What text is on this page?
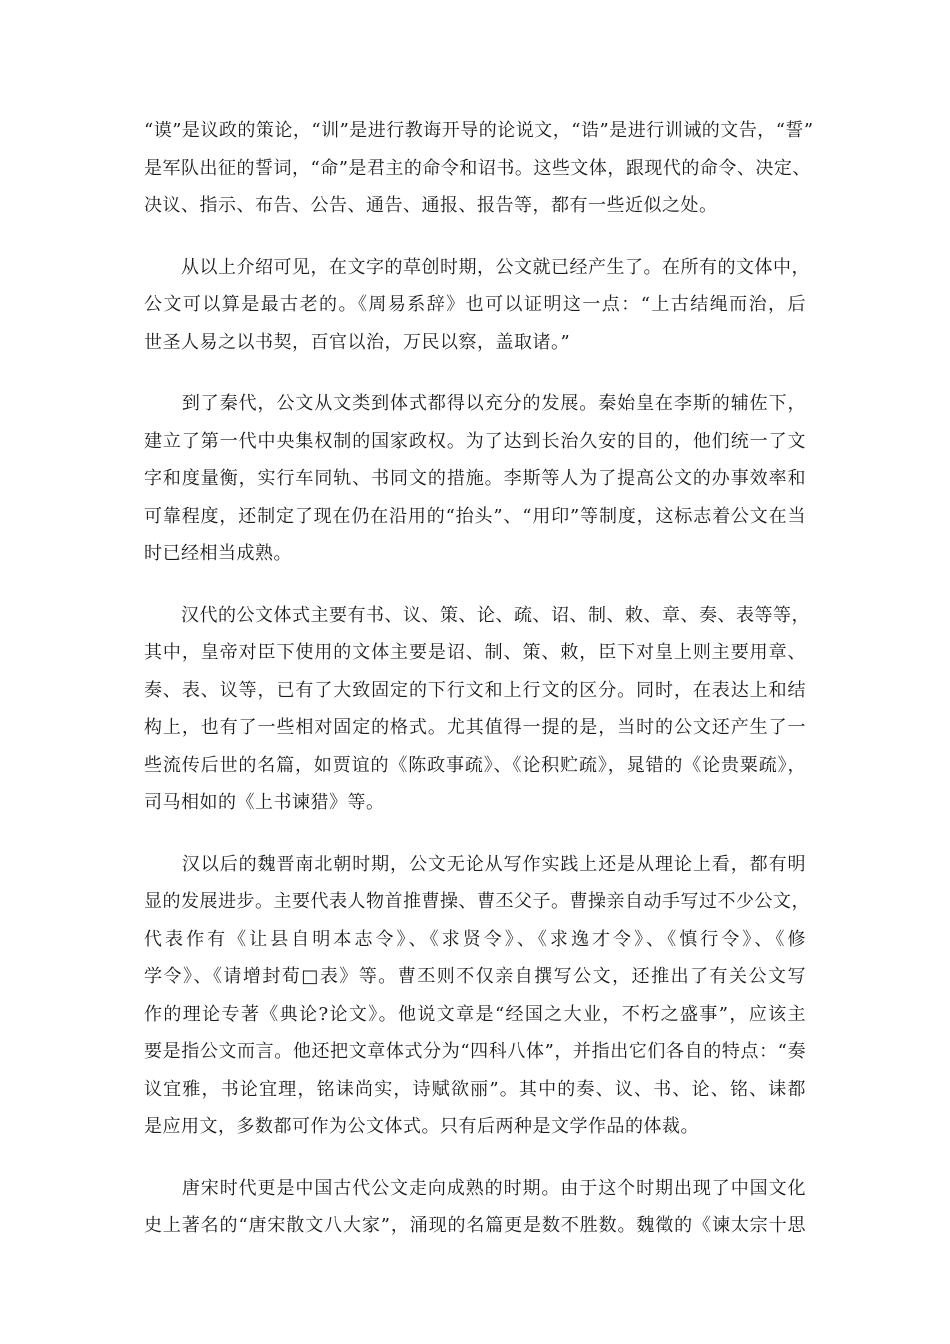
“谟”是议政的策论，“训”是进行教诲开导的论说文，“诰”是进行训诫的文告，“誓”
是军队出征的誓词，“命”是君主的命令和诏书。这些文体，跟现代的命令、决定、
决议、指示、布告、公告、通告、通报、报告等，都有一些近似之处。
　　从以上介绍可见，在文字的草创时期，公文就已经产生了。在所有的文体中，
公文可以算是最古老的。《周易系辞》也可以证明这一点：“上古结绳而治，后
世圣人易之以书契，百官以治，万民以察，盖取诸。”
　　到了秦代，公文从文类到体式都得以充分的发展。秦始皇在李斯的辅佐下，
建立了第一代中央集权制的国家政权。为了达到长治久安的目的，他们统一了文
字和度量衡，实行车同轨、书同文的措施。李斯等人为了提高公文的办事效率和
可靠程度，还制定了现在仍在沿用的“抬头”、“用印”等制度，这标志着公文在当
时已经相当成熟。
　　汉代的公文体式主要有书、议、策、论、疏、诏、制、敕、章、奏、表等等，
其中，皇帝对臣下使用的文体主要是诏、制、策、敕，臣下对皇上则主要用章、
奏、表、议等，已有了大致固定的下行文和上行文的区分。同时，在表达上和结
构上，也有了一些相对固定的格式。尤其值得一提的是，当时的公文还产生了一
些流传后世的名篇，如贾谊的《陈政事疏》、《论积贮疏》，晁错的《论贵粟疏》，
司马相如的《上书谏猎》等。
　　汉以后的魏晋南北朝时期，公文无论从写作实践上还是从理论上看，都有明
显的发展进步。主要代表人物首推曹操、曹丕父子。曹操亲自动手写过不少公文，
代表作有《让县自明本志令》、《求贤令》、《求逸才令》、《慎行令》、《修
学令》、《请增封荀□表》等。曹丕则不仅亲自撰写公文，还推出了有关公文写
作的理论专著《典论?论文》。他说文章是“经国之大业，不朽之盛事”，应该主
要是指公文而言。他还把文章体式分为“四科八体”，并指出它们各自的特点：“奏
议宜雅，书论宜理，铭诔尚实，诗赋欲丽”。其中的奏、议、书、论、铭、诔都
是应用文，多数都可作为公文体式。只有后两种是文学作品的体裁。
　　唐宋时代更是中国古代公文走向成熟的时期。由于这个时期出现了中国文化
史上著名的“唐宋散文八大家”，涌现的名篇更是数不胜数。魏徵的《谏太宗十思
